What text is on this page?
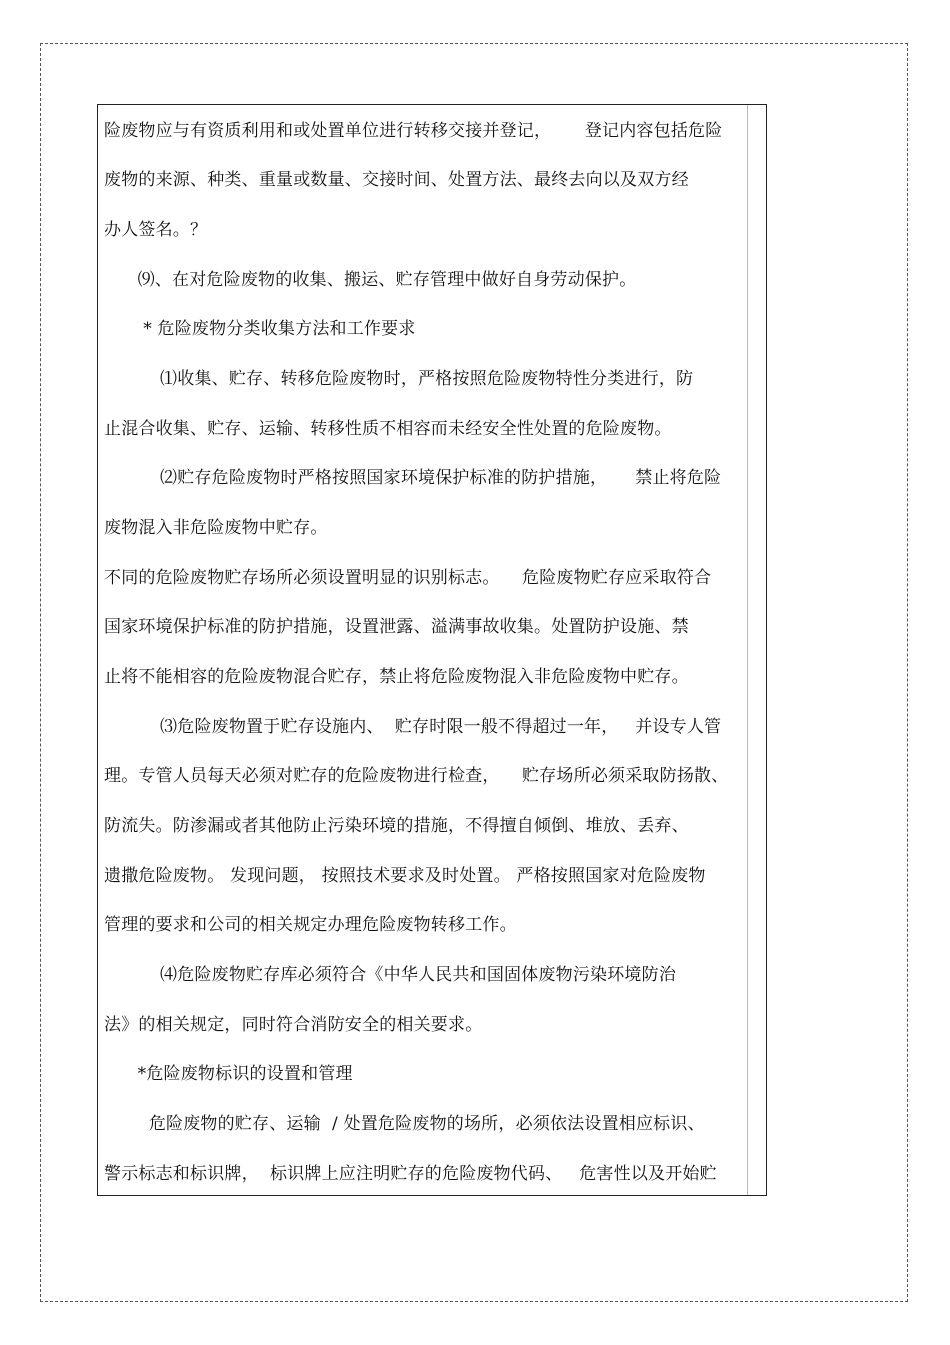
险废物应与有资质利用和或处置单位进行转移交接并登记，      登记内容包括危险
废物的来源、种类、重量或数量、交接时间、处置方法、最终去向以及双方经
办人签名。？
⑼、在对危险废物的收集、搬运、贮存管理中做好自身劳动保护。
* 危险废物分类收集方法和工作要求
⑴收集、贮存、转移危险废物时，严格按照危险废物特性分类进行，防
止混合收集、贮存、运输、转移性质不相容而未经安全性处置的危险废物。
⑵贮存危险废物时严格按照国家环境保护标准的防护措施，     禁止将危险
废物混入非危险废物中贮存。
不同的危险废物贮存场所必须设置明显的识别标志。    危险废物贮存应采取符合
国家环境保护标准的防护措施，设置泄露、溢满事故收集。处置防护设施、禁
止将不能相容的危险废物混合贮存，禁止将危险废物混入非危险废物中贮存。
⑶危险废物置于贮存设施内、  贮存时限一般不得超过一年，   并设专人管
理。专管人员每天必须对贮存的危险废物进行检查，    贮存场所必须采取防扬散、
防流失。防渗漏或者其他防止污染环境的措施，不得擅自倾倒、堆放、丢弃、
遗撒危险废物。 发现问题， 按照技术要求及时处置。 严格按照国家对危险废物
管理的要求和公司的相关规定办理危险废物转移工作。
⑷危险废物贮存库必须符合《中华人民共和国固体废物污染环境防治
法》的相关规定，同时符合消防安全的相关要求。
*危险废物标识的设置和管理
危险废物的贮存、运输  / 处置危险废物的场所，必须依法设置相应标识、
警示标志和标识牌，  标识牌上应注明贮存的危险废物代码、   危害性以及开始贮
